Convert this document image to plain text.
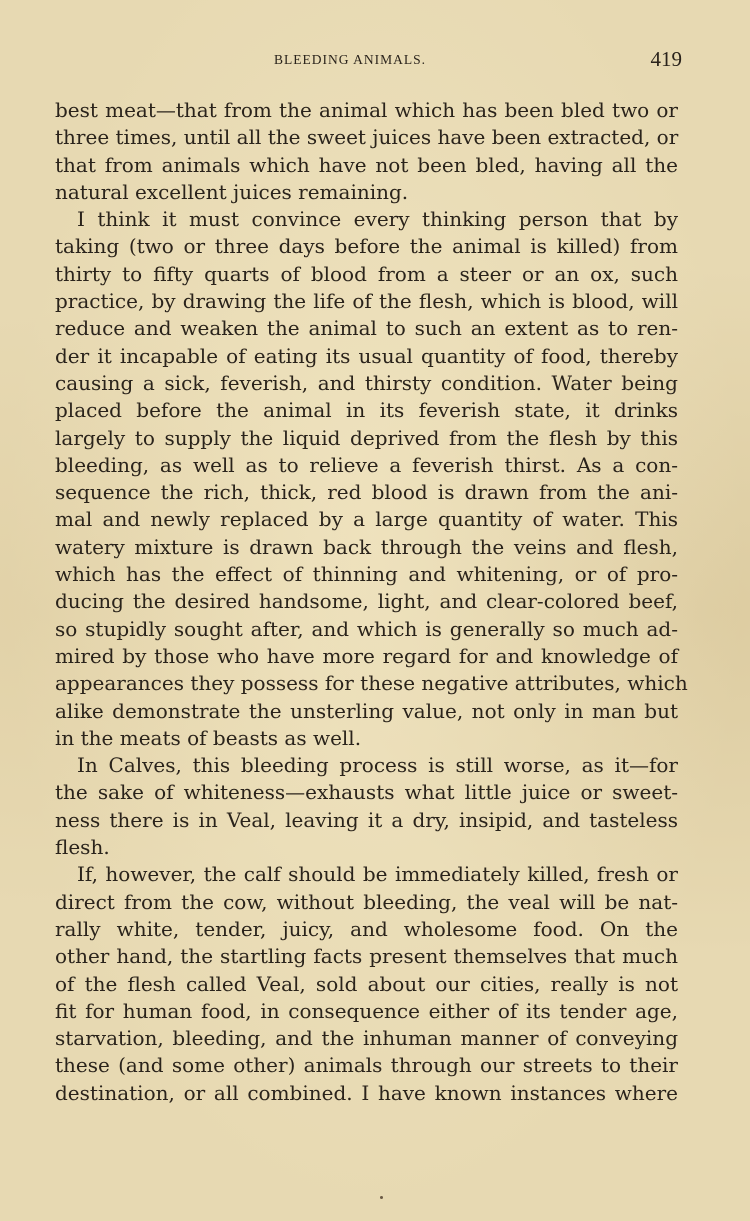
BLEEDING ANIMALS.	419
best meat—that from the animal which has been bled two or
three times, until all the sweet juices have been extracted, or
that from animals which have not been bled, having all the
natural excellent juices remaining.
I think it must convince every thinking person that by
taking (two or three days before the animal is killed) from
thirty to fifty quarts of blood from a steer or an ox, such
practice, by drawing the life of the flesh, which is blood, will
reduce and weaken the animal to such an extent as to ren-
der it incapable of eating its usual quantity of food, thereby
causing a sick, feverish, and thirsty condition. Water being
placed before the animal in its feverish state, it drinks
largely to supply the liquid deprived from the flesh by this
bleeding, as well as to relieve a feverish thirst. As a con-
sequence the rich, thick, red blood is drawn from the ani-
mal and newly replaced by a large quantity of water. This
watery mixture is drawn back through the veins and flesh,
which has the effect of thinning and whitening, or of pro-
ducing the desired handsome, light, and clear-colored beef,
so stupidly sought after, and which is generally so much ad-
mired by those who have more regard for and knowledge of
appearances they possess for these negative attributes, which
alike demonstrate the unsterling value, not only in man but
in the meats of beasts as well.
In Calves, this bleeding process is still worse, as it—for
the sake of whiteness—exhausts what little juice or sweet-
ness there is in Veal, leaving it a dry, insipid, and tasteless
flesh.
If, however, the calf should be immediately killed, fresh or
direct from the cow, without bleeding, the veal will be nat-
rally white, tender, juicy, and wholesome food. On the
other hand, the startling facts present themselves that much
of the flesh called Veal, sold about our cities, really is not
fit for human food, in consequence either of its tender age,
starvation, bleeding, and the inhuman manner of conveying
these (and some other) animals through our streets to their
destination, or all combined. I have known instances where
